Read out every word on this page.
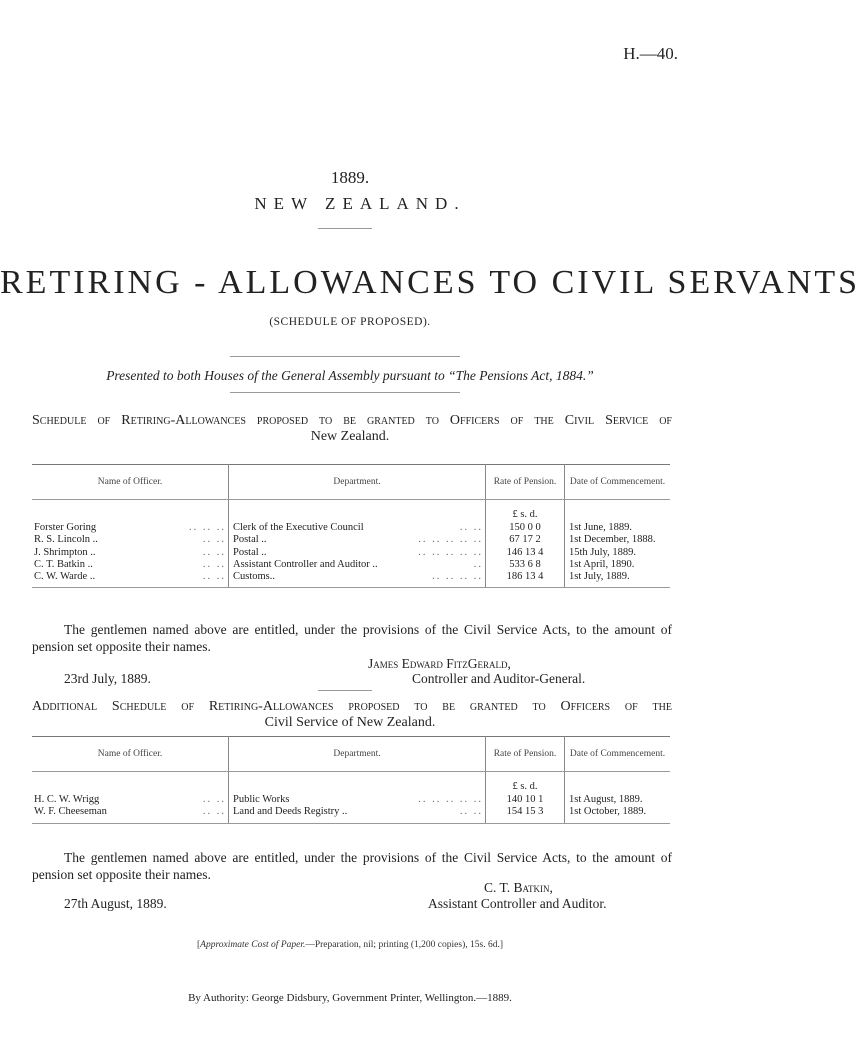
H.—40.
1889.
NEW ZEALAND.
RETIRING - ALLOWANCES TO CIVIL SERVANTS
(SCHEDULE OF PROPOSED).
Presented to both Houses of the General Assembly pursuant to “The Pensions Act, 1884.”
Schedule of Retiring-Allowances proposed to be granted to Officers of the Civil Service of
New Zealand.
Name of Officer.	Department.	Rate of Pension.	Date of Commencement.
		£ s. d.	
Forster Goring .. .. ..	Clerk of the Executive Council .. ..	150 0 0	1st June, 1889.
R. S. Lincoln .. .. ..	Postal .. .. .. .. .. ..	67 17 2	1st December, 1888.
J. Shrimpton .. .. ..	Postal .. .. .. .. .. ..	146 13 4	15th July, 1889.
C. T. Batkin .. .. ..	Assistant Controller and Auditor .. ..	533 6 8	1st April, 1890.
C. W. Warde .. .. ..	Customs.. .. .. .. ..	186 13 4	1st July, 1889.

The gentlemen named above are entitled, under the provisions of the Civil Service Acts, to the amount of pension set opposite their names.

James Edward FitzGerald,
23rd July, 1889.	Controller and Auditor-General.
Additional Schedule of Retiring-Allowances proposed to be granted to Officers of the
Civil Service of New Zealand.
Name of Officer.	Department.	Rate of Pension.	Date of Commencement.
		£ s. d.	
H. C. W. Wrigg .. ..	Public Works .. .. .. .. ..	140 10 1	1st August, 1889.
W. F. Cheeseman .. ..	Land and Deeds Registry .. .. ..	154 15 3	1st October, 1889.

The gentlemen named above are entitled, under the provisions of the Civil Service Acts, to the amount of pension set opposite their names.

C. T. Batkin,
27th August, 1889.	Assistant Controller and Auditor.
[Approximate Cost of Paper.—Preparation, nil; printing (1,200 copies), 15s. 6d.]
By Authority: George Didsbury, Government Printer, Wellington.—1889.
